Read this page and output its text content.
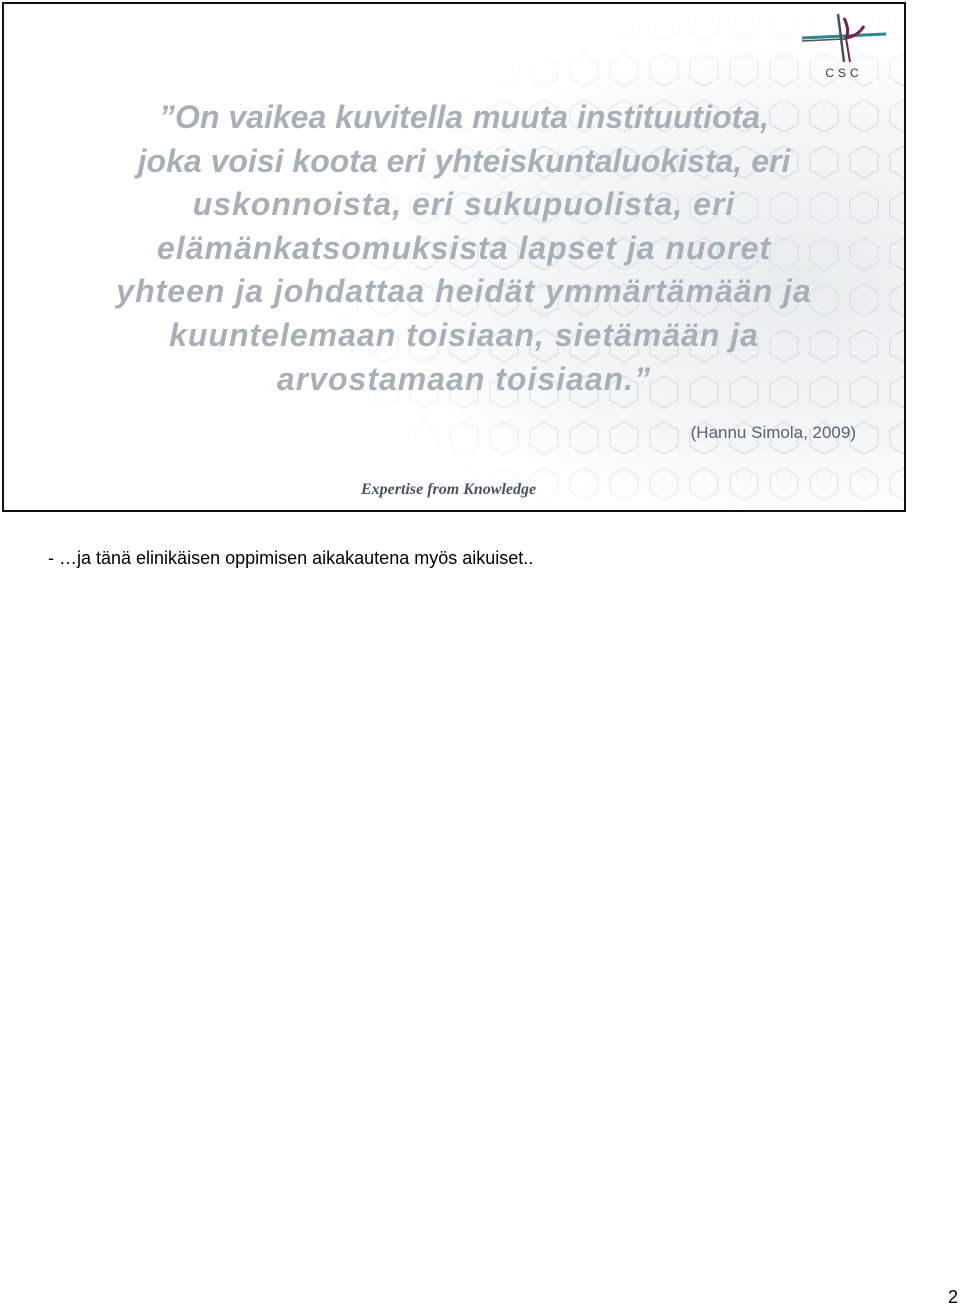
CSC
”On vaikea kuvitella muuta instituutiota,
joka voisi koota eri yhteiskuntaluokista, eri
uskonnoista, eri sukupuolista, eri
elämänkatsomuksista lapset ja nuoret
yhteen ja johdattaa heidät ymmärtämään ja
kuuntelemaan toisiaan, sietämään ja
arvostamaan toisiaan.”
(Hannu Simola, 2009)
Expertise from Knowledge
- …ja tänä elinikäisen oppimisen aikakautena myös aikuiset..
2
